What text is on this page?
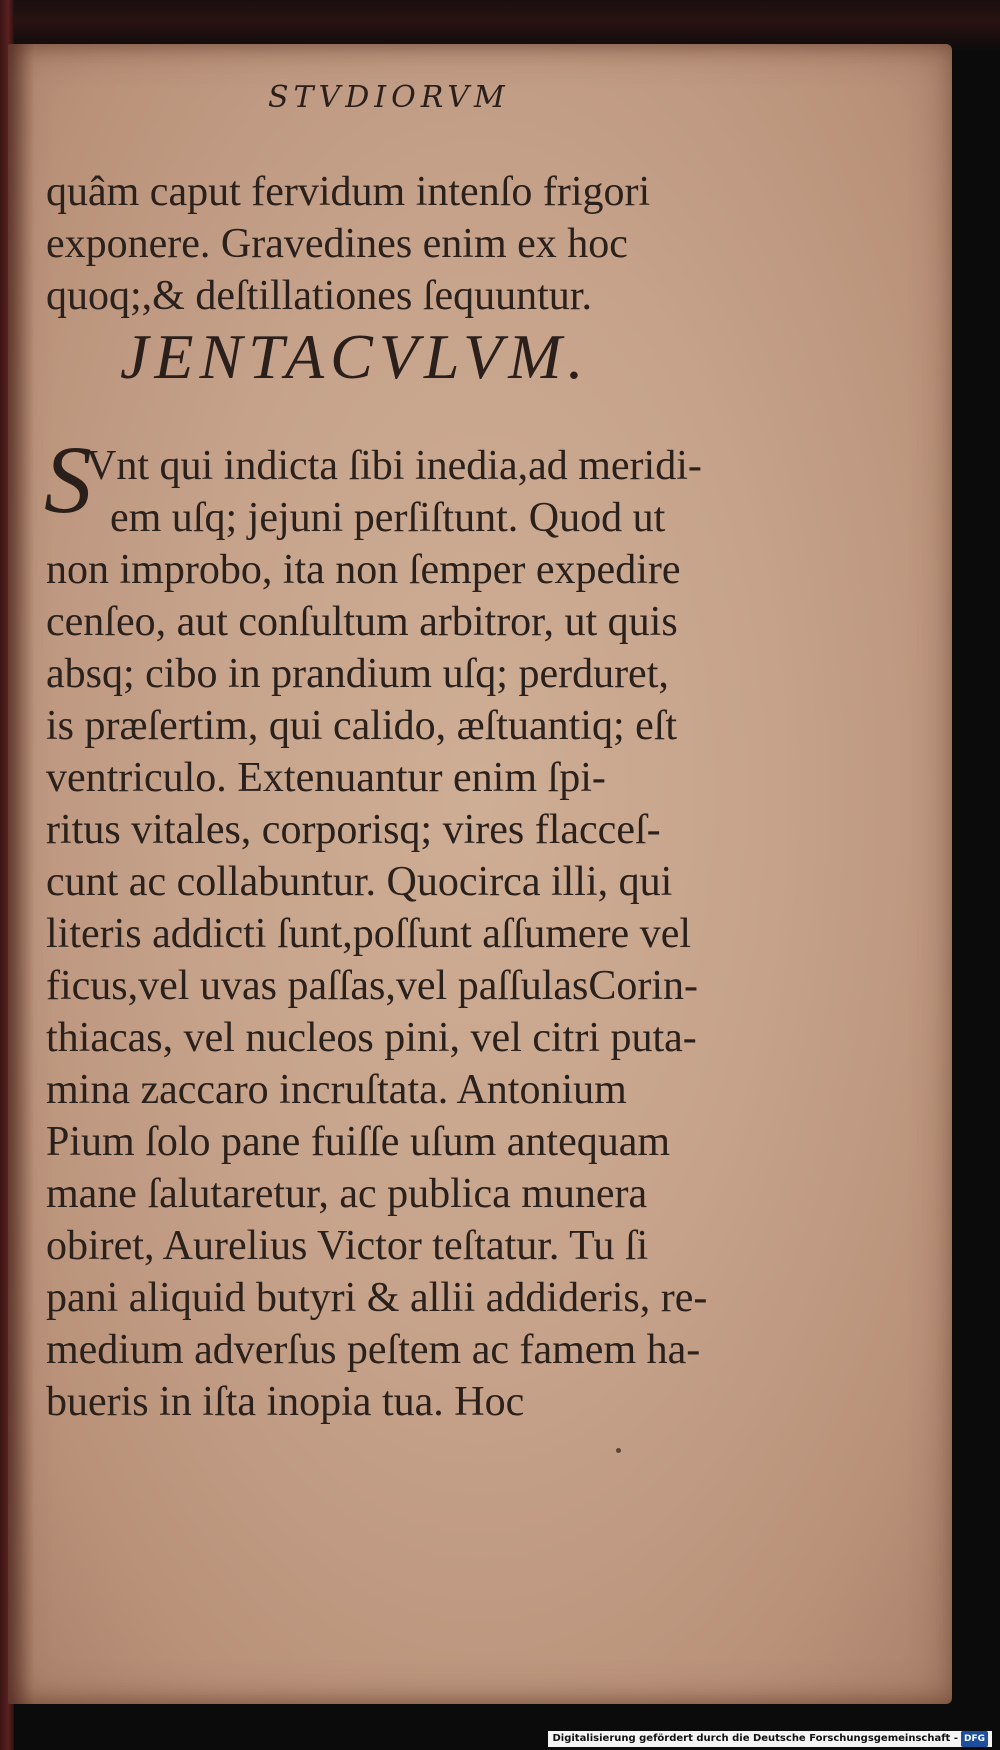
STVDIORVM
quâm caput fervidum intenſo frigori
exponere. Gravedines enim ex hoc
quoq;,& deſtillationes ſequuntur.
JENTACVLVM.
S
Vnt qui indicta ſibi inedia,ad meridi-
em uſq; jejuni perſiſtunt. Quod ut
non improbo, ita non ſemper expedire
cenſeo, aut conſultum arbitror, ut quis
absq; cibo in prandium uſq; perduret,
is præſertim, qui calido, æſtuantiq; eſt
ventriculo. Extenuantur enim ſpi-
ritus vitales, corporisq; vires flacceſ-
cunt ac collabuntur. Quocirca illi, qui
literis addicti ſunt,poſſunt aſſumere vel
ficus,vel uvas paſſas,vel paſſulasCorin-
thiacas, vel nucleos pini, vel citri puta-
mina zaccaro incruſtata. Antonium
Pium ſolo pane fuiſſe uſum antequam
mane ſalutaretur, ac publica munera
obiret, Aurelius Victor teſtatur. Tu ſi
pani aliquid butyri & allii addideris, re-
medium adverſus peſtem ac famem ha-
bueris in iſta inopia tua. Hoc
Digitalisierung gefördert durch die Deutsche Forschungsgemeinschaft - DFG
